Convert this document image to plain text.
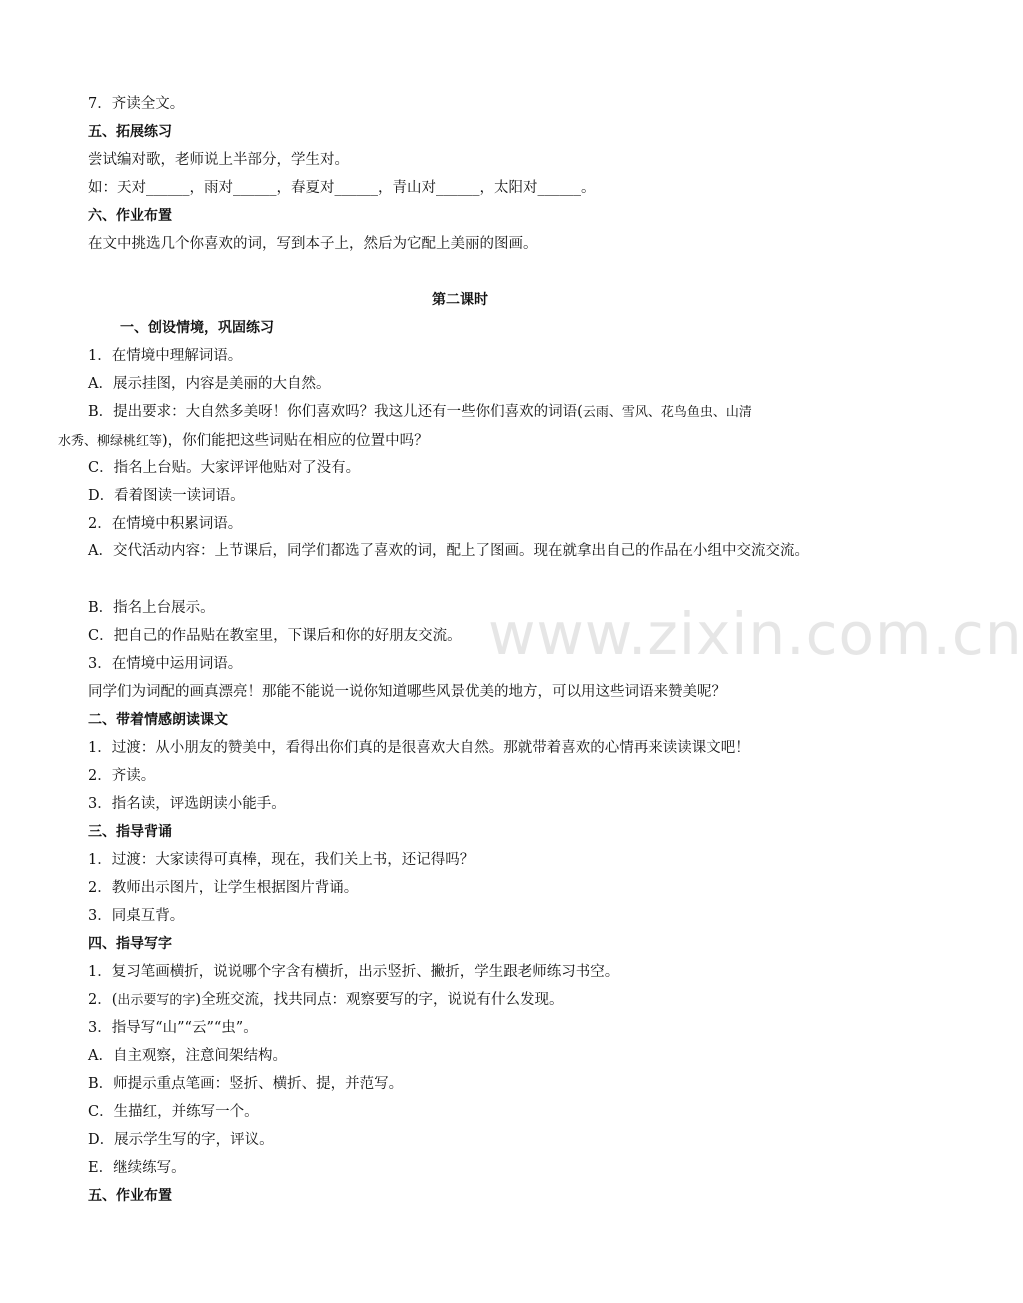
www.zixin.com.cn
7．齐读全文。
五、拓展练习
尝试编对歌，老师说上半部分，学生对。
如：天对______，雨对______，春夏对______，青山对______，太阳对______。
六、作业布置
在文中挑选几个你喜欢的词，写到本子上，然后为它配上美丽的图画。
第二课时
一、创设情境，巩固练习
1．在情境中理解词语。
A．展示挂图，内容是美丽的大自然。
B．提出要求：大自然多美呀！你们喜欢吗？我这儿还有一些你们喜欢的词语(云雨、雪风、花鸟鱼虫、山清
水秀、柳绿桃红等)，你们能把这些词贴在相应的位置中吗？
C．指名上台贴。大家评评他贴对了没有。
D．看着图读一读词语。
2．在情境中积累词语。
A．交代活动内容：上节课后，同学们都选了喜欢的词，配上了图画。现在就拿出自己的作品在小组中交流交流。
B．指名上台展示。
C．把自己的作品贴在教室里，下课后和你的好朋友交流。
3．在情境中运用词语。
同学们为词配的画真漂亮！那能不能说一说你知道哪些风景优美的地方，可以用这些词语来赞美呢？
二、带着情感朗读课文
1．过渡：从小朋友的赞美中，看得出你们真的是很喜欢大自然。那就带着喜欢的心情再来读读课文吧！
2．齐读。
3．指名读，评选朗读小能手。
三、指导背诵
1．过渡：大家读得可真棒，现在，我们关上书，还记得吗？
2．教师出示图片，让学生根据图片背诵。
3．同桌互背。
四、指导写字
1．复习笔画横折，说说哪个字含有横折，出示竖折、撇折，学生跟老师练习书空。
2．(出示要写的字)全班交流，找共同点：观察要写的字，说说有什么发现。
3．指导写“山”“云”“虫”。
A．自主观察，注意间架结构。
B．师提示重点笔画：竖折、横折、提，并范写。
C．生描红，并练写一个。
D．展示学生写的字，评议。
E．继续练写。
五、作业布置
